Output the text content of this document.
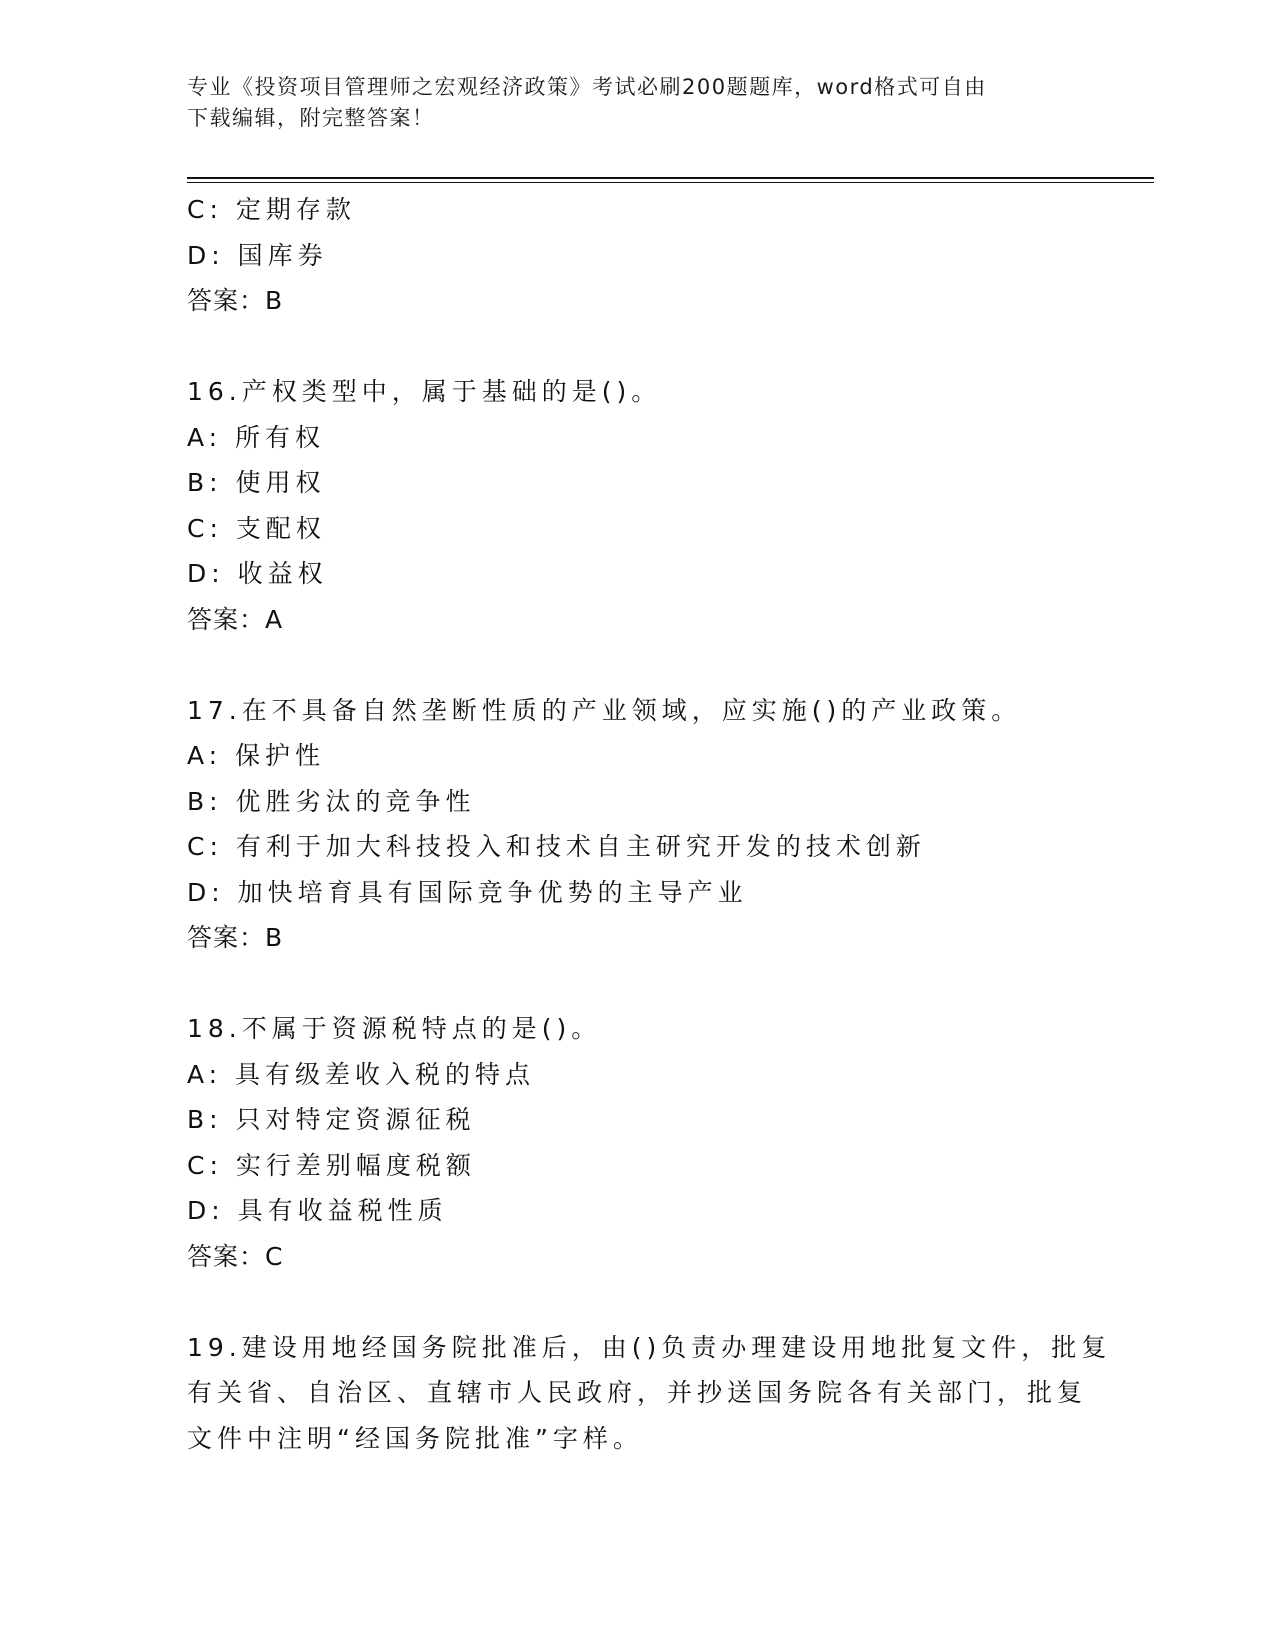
专业《投资项目管理师之宏观经济政策》考试必刷200题题库，word格式可自由
下载编辑，附完整答案！
C: 定期存款
D: 国库券
答案：B
16.产权类型中，属于基础的是()。
A: 所有权
B: 使用权
C: 支配权
D: 收益权
答案：A
17.在不具备自然垄断性质的产业领域，应实施()的产业政策。
A: 保护性
B: 优胜劣汰的竞争性
C: 有利于加大科技投入和技术自主研究开发的技术创新
D: 加快培育具有国际竞争优势的主导产业
答案：B
18.不属于资源税特点的是()。
A: 具有级差收入税的特点
B: 只对特定资源征税
C: 实行差别幅度税额
D: 具有收益税性质
答案：C
19.建设用地经国务院批准后，由()负责办理建设用地批复文件，批复
有关省、自治区、直辖市人民政府，并抄送国务院各有关部门，批复
文件中注明“经国务院批准”字样。
